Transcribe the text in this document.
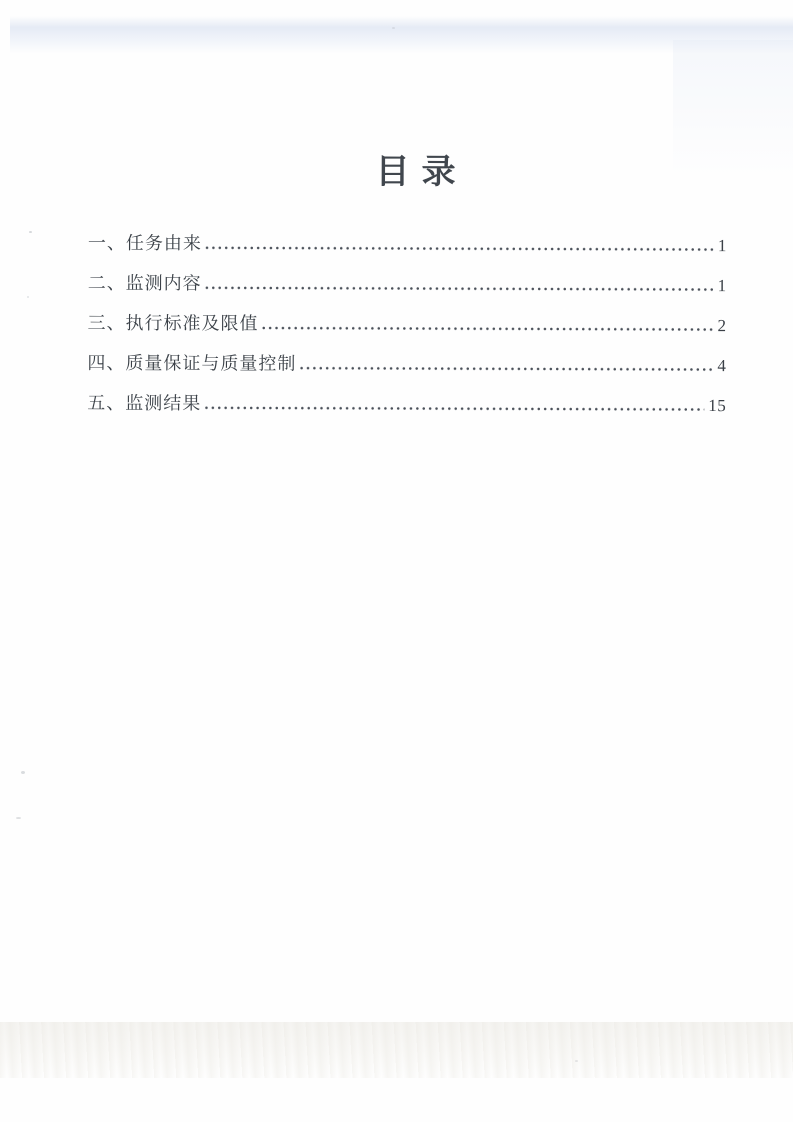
目录
一、任务由来	1
二、监测内容	1
三、执行标准及限值	2
四、质量保证与质量控制	4
五、监测结果	15
